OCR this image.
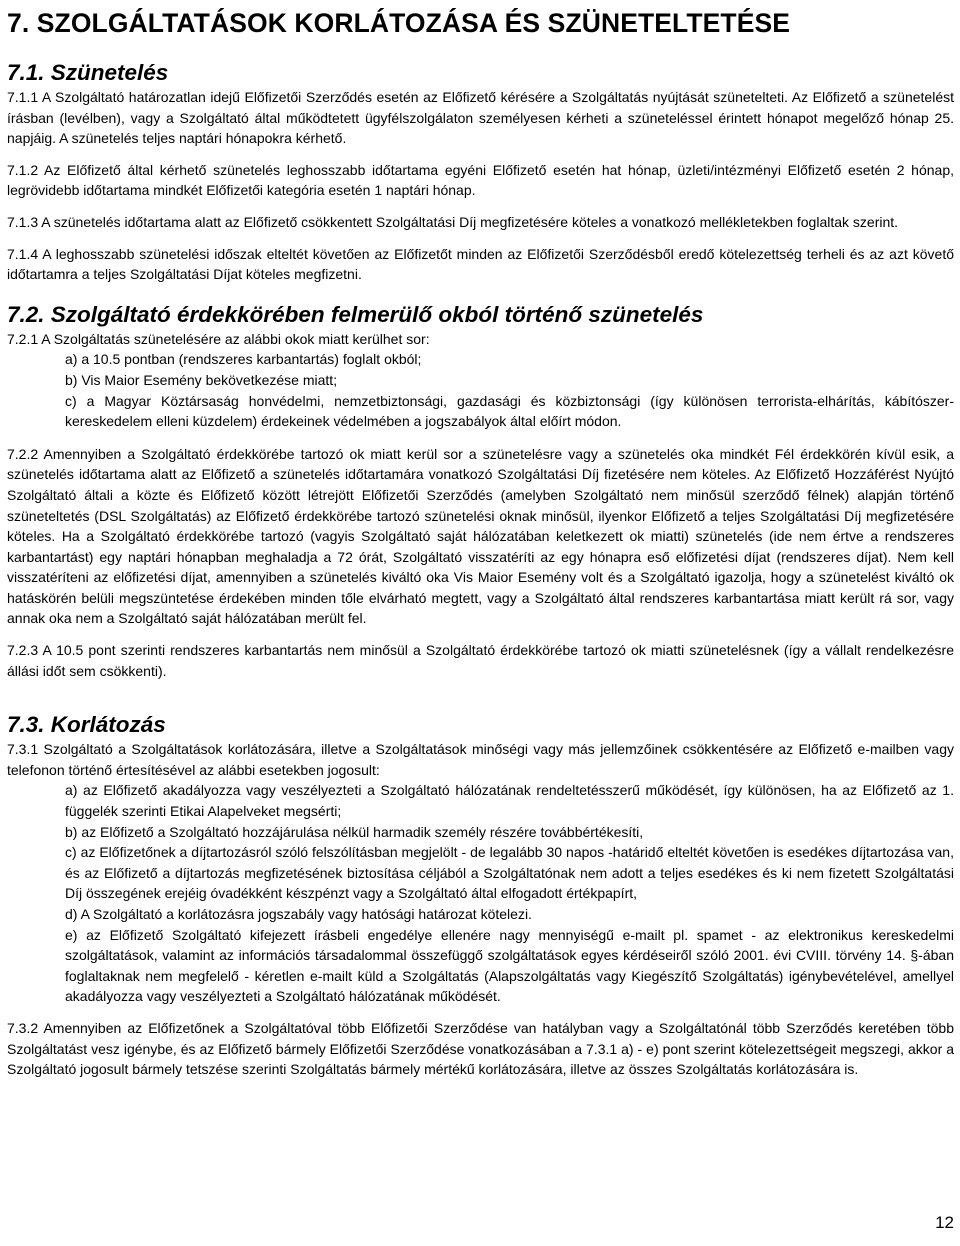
7. SZOLGÁLTATÁSOK KORLÁTOZÁSA ÉS SZÜNETELTETÉSE
7.1. Szünetelés

7.1.1 A Szolgáltató határozatlan idejű Előfizetői Szerződés esetén az Előfizető kérésére a Szolgáltatás nyújtását szünetelteti. Az Előfizető a szünetelést írásban (levélben), vagy a Szolgáltató által működtetett ügyfélszolgálaton személyesen kérheti a szüneteléssel érintett hónapot megelőző hónap 25. napjáig. A szünetelés teljes naptári hónapokra kérhető.

7.1.2 Az Előfizető által kérhető szünetelés leghosszabb időtartama egyéni Előfizető esetén hat hónap, üzleti/intézményi Előfizető esetén 2 hónap, legrövidebb időtartama mindkét Előfizetői kategória esetén 1 naptári hónap.

7.1.3 A szünetelés időtartama alatt az Előfizető csökkentett Szolgáltatási Díj megfizetésére köteles a vonatkozó mellékletekben foglaltak szerint.

7.1.4 A leghosszabb szünetelési időszak elteltét követően az Előfizetőt minden az Előfizetői Szerződésből eredő kötelezettség terheli és az azt követő időtartamra a teljes Szolgáltatási Díjat köteles megfizetni.

7.2. Szolgáltató érdekkörében felmerülő okból történő szünetelés

7.2.1 A Szolgáltatás szünetelésére az alábbi okok miatt kerülhet sor:

a) a 10.5 pontban (rendszeres karbantartás) foglalt okból;

b) Vis Maior Esemény bekövetkezése miatt;

c) a Magyar Köztársaság honvédelmi, nemzetbiztonsági, gazdasági és közbiztonsági (így különösen terrorista-elhárítás, kábítószer-kereskedelem elleni küzdelem) érdekeinek védelmében a jogszabályok által előírt módon.

7.2.2 Amennyiben a Szolgáltató érdekkörébe tartozó ok miatt kerül sor a szünetelésre vagy a szünetelés oka mindkét Fél érdekkörén kívül esik, a szünetelés időtartama alatt az Előfizető a szünetelés időtartamára vonatkozó Szolgáltatási Díj fizetésére nem köteles. Az Előfizető Hozzáférést Nyújtó Szolgáltató általi a közte és Előfizető között létrejött Előfizetői Szerződés (amelyben Szolgáltató nem minősül szerződő félnek) alapján történő szüneteltetés (DSL Szolgáltatás) az Előfizető érdekkörébe tartozó szünetelési oknak minősül, ilyenkor Előfizető a teljes Szolgáltatási Díj megfizetésére köteles. Ha a Szolgáltató érdekkörébe tartozó (vagyis Szolgáltató saját hálózatában keletkezett ok miatti) szünetelés (ide nem értve a rendszeres karbantartást) egy naptári hónapban meghaladja a 72 órát, Szolgáltató visszatéríti az egy hónapra eső előfizetési díjat (rendszeres díjat). Nem kell visszatéríteni az előfizetési díjat, amennyiben a szünetelés kiváltó oka Vis Maior Esemény volt és a Szolgáltató igazolja, hogy a szünetelést kiváltó ok hatáskörén belüli megszüntetése érdekében minden tőle elvárható megtett, vagy a Szolgáltató által rendszeres karbantartása miatt került rá sor, vagy annak oka nem a Szolgáltató saját hálózatában merült fel.

7.2.3 A 10.5 pont szerinti rendszeres karbantartás nem minősül a Szolgáltató érdekkörébe tartozó ok miatti szünetelésnek (így a vállalt rendelkezésre állási időt sem csökkenti).

7.3. Korlátozás

7.3.1 Szolgáltató a Szolgáltatások korlátozására, illetve a Szolgáltatások minőségi vagy más jellemzőinek csökkentésére az Előfizető e-mailben vagy telefonon történő értesítésével az alábbi esetekben jogosult:

a) az Előfizető akadályozza vagy veszélyezteti a Szolgáltató hálózatának rendeltetésszerű működését, így különösen, ha az Előfizető az 1. függelék szerinti Etikai Alapelveket megsérti;

b) az Előfizető a Szolgáltató hozzájárulása nélkül harmadik személy részére továbbértékesíti,

c) az Előfizetőnek a díjtartozásról szóló felszólításban megjelölt - de legalább 30 napos -határidő elteltét követően is esedékes díjtartozása van, és az Előfizető a díjtartozás megfizetésének biztosítása céljából a Szolgáltatónak nem adott a teljes esedékes és ki nem fizetett Szolgáltatási Díj összegének erejéig óvadékként készpénzt vagy a Szolgáltató által elfogadott értékpapírt,

d) A Szolgáltató a korlátozásra jogszabály vagy hatósági határozat kötelezi.

e) az Előfizető Szolgáltató kifejezett írásbeli engedélye ellenére nagy mennyiségű e-mailt pl. spamet - az elektronikus kereskedelmi szolgáltatások, valamint az információs társadalommal összefüggő szolgáltatások egyes kérdéseiről szóló 2001. évi CVIII. törvény 14. §-ában foglaltaknak nem megfelelő - kéretlen e-mailt küld a Szolgáltatás (Alapszolgáltatás vagy Kiegészítő Szolgáltatás) igénybevételével, amellyel akadályozza vagy veszélyezteti a Szolgáltató hálózatának működését.

7.3.2 Amennyiben az Előfizetőnek a Szolgáltatóval több Előfizetői Szerződése van hatályban vagy a Szolgáltatónál több Szerződés keretében több Szolgáltatást vesz igénybe, és az Előfizető bármely Előfizetői Szerződése vonatkozásában a 7.3.1 a) - e) pont szerint kötelezettségeit megszegi, akkor a Szolgáltató jogosult bármely tetszése szerinti Szolgáltatás bármely mértékű korlátozására, illetve az összes Szolgáltatás korlátozására is.

12
